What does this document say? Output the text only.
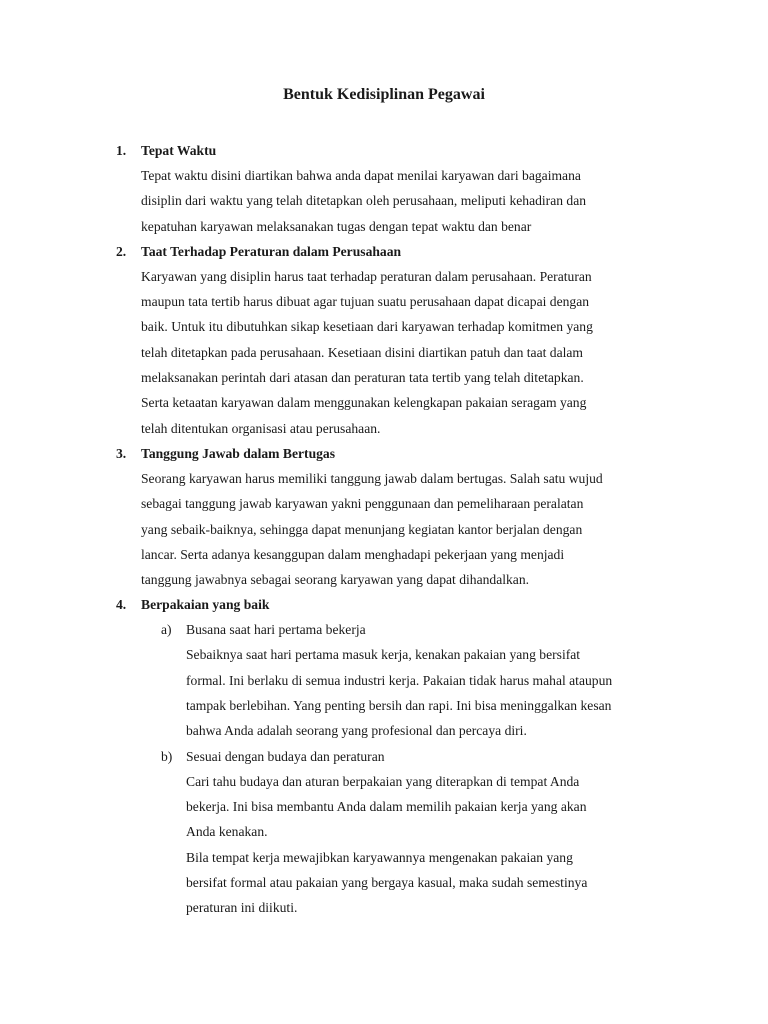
Bentuk Kedisiplinan Pegawai
1. Tepat Waktu
Tepat waktu disini diartikan bahwa anda dapat menilai karyawan dari bagaimana
disiplin dari waktu yang telah ditetapkan oleh perusahaan, meliputi kehadiran dan
kepatuhan karyawan melaksanakan tugas dengan tepat waktu dan benar
2. Taat Terhadap Peraturan dalam Perusahaan
Karyawan yang disiplin harus taat terhadap peraturan dalam perusahaan. Peraturan
maupun tata tertib harus dibuat agar tujuan suatu perusahaan dapat dicapai dengan
baik. Untuk itu dibutuhkan sikap kesetiaan dari karyawan terhadap komitmen yang
telah ditetapkan pada perusahaan. Kesetiaan disini diartikan patuh dan taat dalam
melaksanakan perintah dari atasan dan peraturan tata tertib yang telah ditetapkan.
Serta ketaatan karyawan dalam menggunakan kelengkapan pakaian seragam yang
telah ditentukan organisasi atau perusahaan.
3. Tanggung Jawab dalam Bertugas
Seorang karyawan harus memiliki tanggung jawab dalam bertugas. Salah satu wujud
sebagai tanggung jawab karyawan yakni penggunaan dan pemeliharaan peralatan
yang sebaik-baiknya, sehingga dapat menunjang kegiatan kantor berjalan dengan
lancar. Serta adanya kesanggupan dalam menghadapi pekerjaan yang menjadi
tanggung jawabnya sebagai seorang karyawan yang dapat dihandalkan.
4. Berpakaian yang baik
a) Busana saat hari pertama bekerja
Sebaiknya saat hari pertama masuk kerja, kenakan pakaian yang bersifat
formal. Ini berlaku di semua industri kerja. Pakaian tidak harus mahal ataupun
tampak berlebihan. Yang penting bersih dan rapi. Ini bisa meninggalkan kesan
bahwa Anda adalah seorang yang profesional dan percaya diri.
b) Sesuai dengan budaya dan peraturan
Cari tahu budaya dan aturan berpakaian yang diterapkan di tempat Anda
bekerja. Ini bisa membantu Anda dalam memilih pakaian kerja yang akan
Anda kenakan.
Bila tempat kerja mewajibkan karyawannya mengenakan pakaian yang
bersifat formal atau pakaian yang bergaya kasual, maka sudah semestinya
peraturan ini diikuti.
